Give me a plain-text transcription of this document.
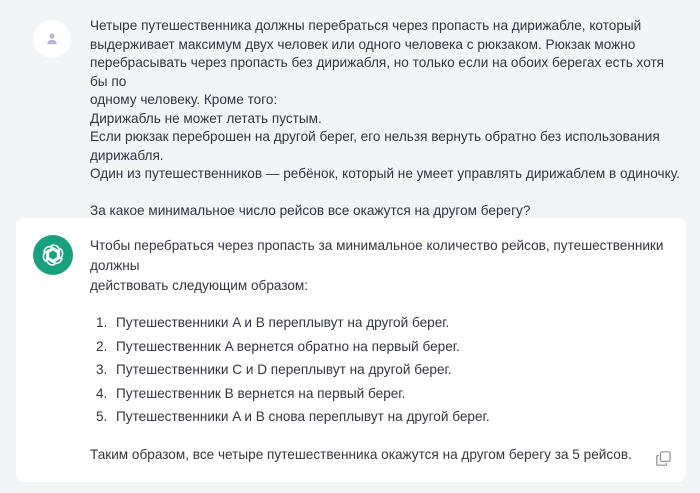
Четыре путешественника должны перебраться через пропасть на дирижабле, который

выдерживает максимум двух человек или одного человека с рюкзаком. Рюкзак можно

перебрасывать через пропасть без дирижабля, но только если на обоих берегах есть хотя бы по

одному человеку. Кроме того:

Дирижабль не может летать пустым.

Если рюкзак переброшен на другой берег, его нельзя вернуть обратно без использования

дирижабля.

Один из путешественников — ребёнок, который не умеет управлять дирижаблем в одиночку.

За какое минимальное число рейсов все окажутся на другом берегу?

Чтобы перебраться через пропасть за минимальное количество рейсов, путешественники должны

действовать следующим образом:

1. Путешественники A и B переплывут на другой берег.
2. Путешественник A вернется обратно на первый берег.
3. Путешественники C и D переплывут на другой берег.
4. Путешественник B вернется на первый берег.
5. Путешественники A и B снова переплывут на другой берег.

Таким образом, все четыре путешественника окажутся на другом берегу за 5 рейсов.
